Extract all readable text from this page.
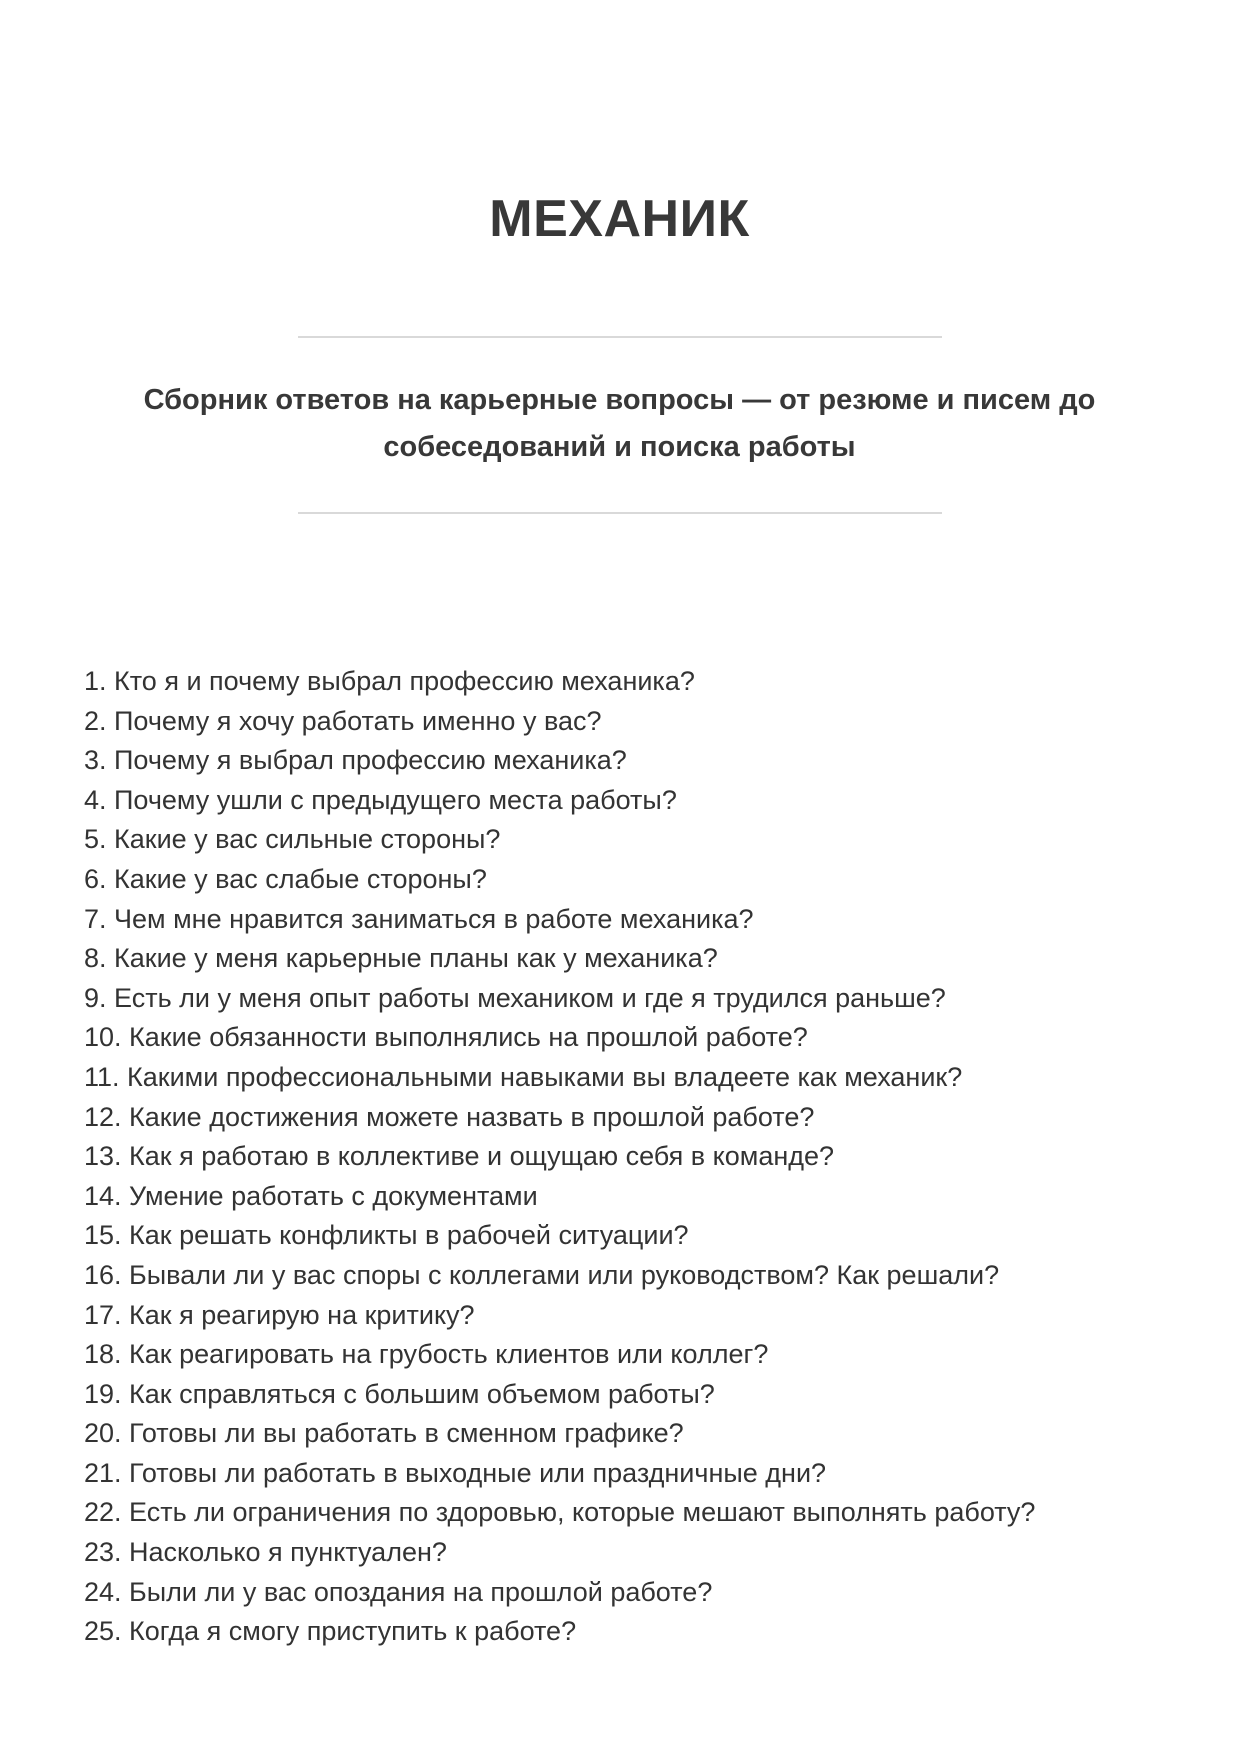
МЕХАНИК
Сборник ответов на карьерные вопросы — от резюме и писем до
собеседований и поиска работы
1. Кто я и почему выбрал профессию механика?
2. Почему я хочу работать именно у вас?
3. Почему я выбрал профессию механика?
4. Почему ушли с предыдущего места работы?
5. Какие у вас сильные стороны?
6. Какие у вас слабые стороны?
7. Чем мне нравится заниматься в работе механика?
8. Какие у меня карьерные планы как у механика?
9. Есть ли у меня опыт работы механиком и где я трудился раньше?
10. Какие обязанности выполнялись на прошлой работе?
11. Какими профессиональными навыками вы владеете как механик?
12. Какие достижения можете назвать в прошлой работе?
13. Как я работаю в коллективе и ощущаю себя в команде?
14. Умение работать с документами
15. Как решать конфликты в рабочей ситуации?
16. Бывали ли у вас споры с коллегами или руководством? Как решали?
17. Как я реагирую на критику?
18. Как реагировать на грубость клиентов или коллег?
19. Как справляться с большим объемом работы?
20. Готовы ли вы работать в сменном графике?
21. Готовы ли работать в выходные или праздничные дни?
22. Есть ли ограничения по здоровью, которые мешают выполнять работу?
23. Насколько я пунктуален?
24. Были ли у вас опоздания на прошлой работе?
25. Когда я смогу приступить к работе?
